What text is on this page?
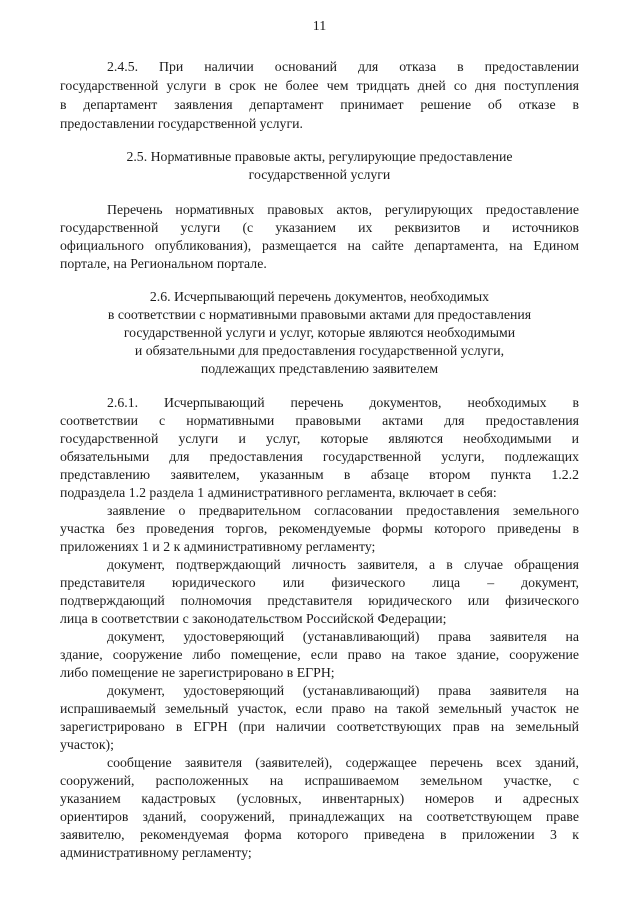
11
2.4.5. При наличии оснований для отказа в предоставлении
государственной услуги в срок не более чем тридцать дней со дня поступления
в департамент заявления департамент принимает решение об отказе в
предоставлении государственной услуги.
2.5. Нормативные правовые акты, регулирующие предоставление
государственной услуги
Перечень нормативных правовых актов, регулирующих предоставление
государственной услуги (с указанием их реквизитов и источников
официального опубликования), размещается на сайте департамента, на Едином
портале, на Региональном портале.
2.6. Исчерпывающий перечень документов, необходимых
в соответствии с нормативными правовыми актами для предоставления
государственной услуги и услуг, которые являются необходимыми
и обязательными для предоставления государственной услуги,
подлежащих представлению заявителем
2.6.1. Исчерпывающий перечень документов, необходимых в
соответствии с нормативными правовыми актами для предоставления
государственной услуги и услуг, которые являются необходимыми и
обязательными для предоставления государственной услуги, подлежащих
представлению заявителем, указанным в абзаце втором пункта 1.2.2
подраздела 1.2 раздела 1 административного регламента, включает в себя:
заявление о предварительном согласовании предоставления земельного
участка без проведения торгов, рекомендуемые формы которого приведены в
приложениях 1 и 2 к административному регламенту;
документ, подтверждающий личность заявителя, а в случае обращения
представителя юридического или физического лица – документ,
подтверждающий полномочия представителя юридического или физического
лица в соответствии с законодательством Российской Федерации;
документ, удостоверяющий (устанавливающий) права заявителя на
здание, сооружение либо помещение, если право на такое здание, сооружение
либо помещение не зарегистрировано в ЕГРН;
документ, удостоверяющий (устанавливающий) права заявителя на
испрашиваемый земельный участок, если право на такой земельный участок не
зарегистрировано в ЕГРН (при наличии соответствующих прав на земельный
участок);
сообщение заявителя (заявителей), содержащее перечень всех зданий,
сооружений, расположенных на испрашиваемом земельном участке, с
указанием кадастровых (условных, инвентарных) номеров и адресных
ориентиров зданий, сооружений, принадлежащих на соответствующем праве
заявителю, рекомендуемая форма которого приведена в приложении 3 к
административному регламенту;
